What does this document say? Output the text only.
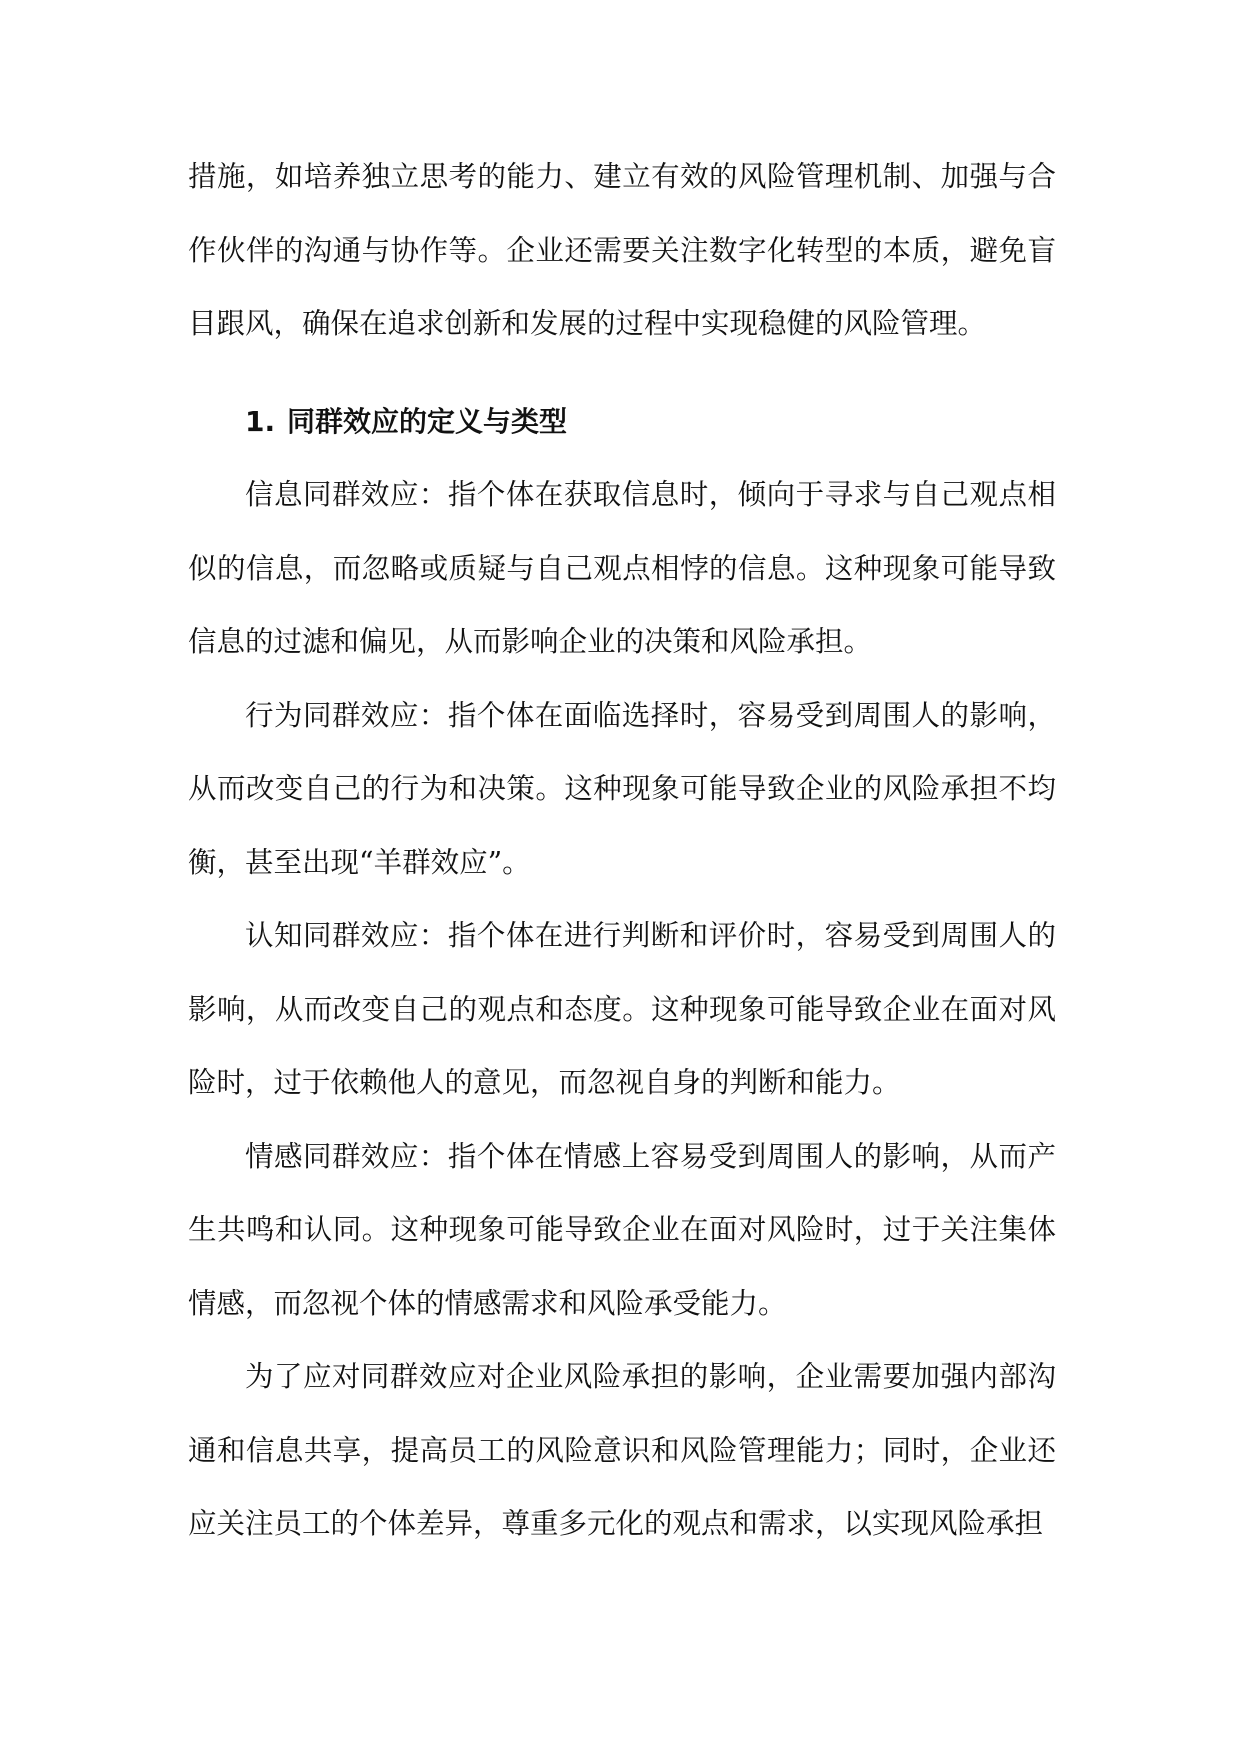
措施，如培养独立思考的能力、建立有效的风险管理机制、加强与合作伙伴的沟通与协作等。企业还需要关注数字化转型的本质，避免盲目跟风，确保在追求创新和发展的过程中实现稳健的风险管理。

1. 同群效应的定义与类型

信息同群效应：指个体在获取信息时，倾向于寻求与自己观点相似的信息，而忽略或质疑与自己观点相悖的信息。这种现象可能导致信息的过滤和偏见，从而影响企业的决策和风险承担。

行为同群效应：指个体在面临选择时，容易受到周围人的影响，从而改变自己的行为和决策。这种现象可能导致企业的风险承担不均衡，甚至出现“羊群效应”。

认知同群效应：指个体在进行判断和评价时，容易受到周围人的影响，从而改变自己的观点和态度。这种现象可能导致企业在面对风险时，过于依赖他人的意见，而忽视自身的判断和能力。

情感同群效应：指个体在情感上容易受到周围人的影响，从而产生共鸣和认同。这种现象可能导致企业在面对风险时，过于关注集体情感，而忽视个体的情感需求和风险承受能力。

为了应对同群效应对企业风险承担的影响，企业需要加强内部沟通和信息共享，提高员工的风险意识和风险管理能力；同时，企业还应关注员工的个体差异，尊重多元化的观点和需求，以实现风险承担
